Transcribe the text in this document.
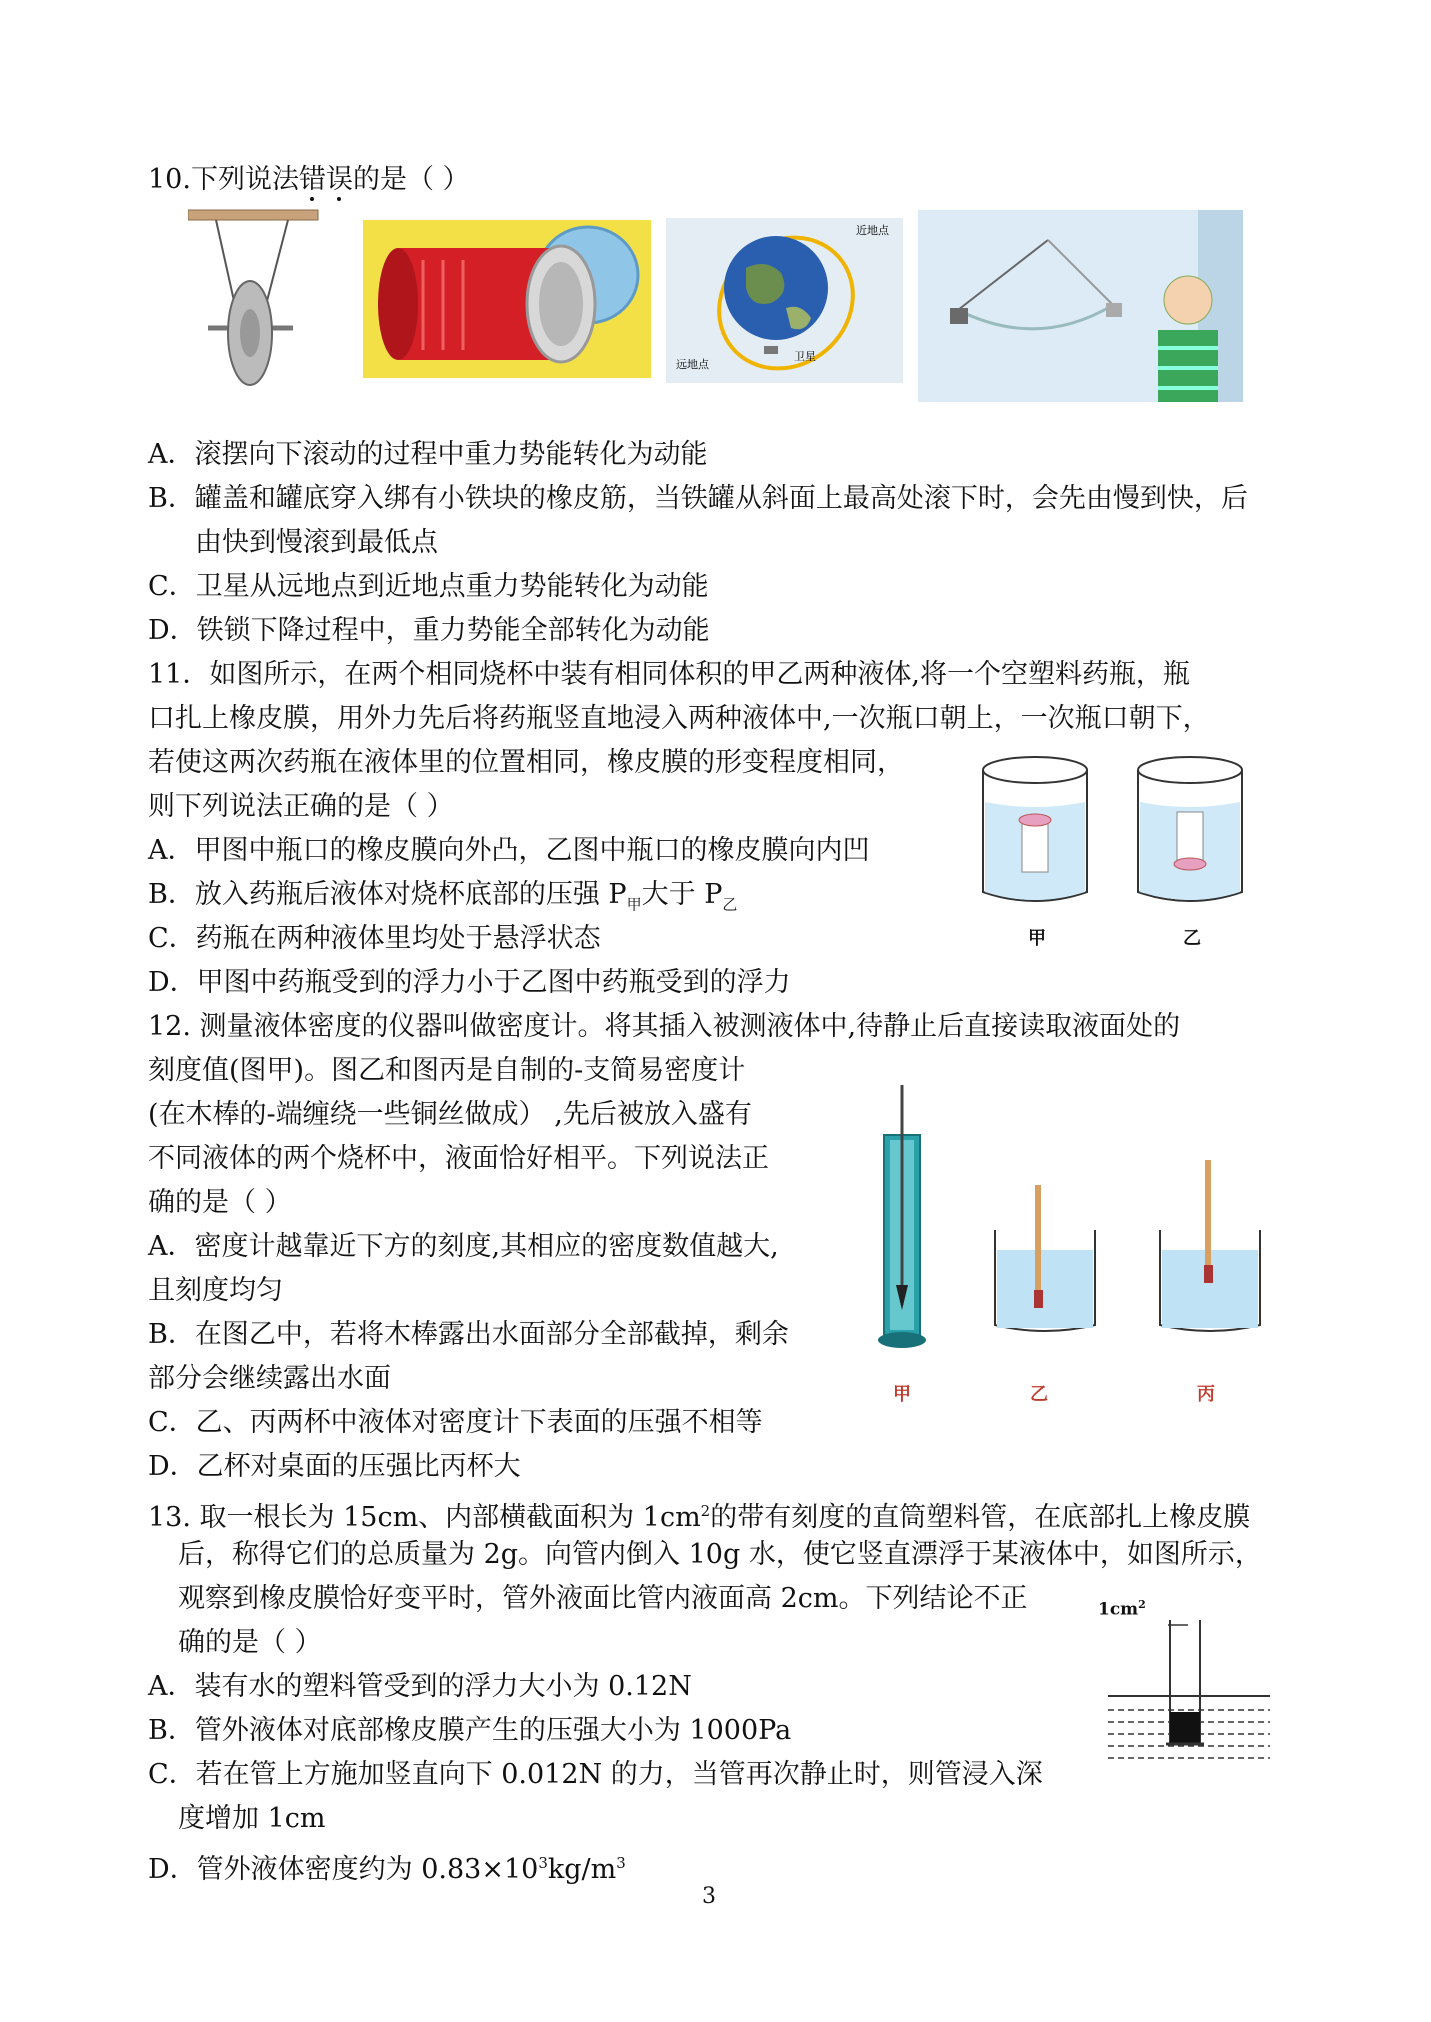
10.下列说法错误的是（ ）
近地点
远地点
卫星
A．滚摆向下滚动的过程中重力势能转化为动能
B．罐盖和罐底穿入绑有小铁块的橡皮筋，当铁罐从斜面上最高处滚下时，会先由慢到快，后
由快到慢滚到最低点
C．卫星从远地点到近地点重力势能转化为动能
D．铁锁下降过程中，重力势能全部转化为动能
11．如图所示，在两个相同烧杯中装有相同体积的甲乙两种液体,将一个空塑料药瓶，瓶
口扎上橡皮膜，用外力先后将药瓶竖直地浸入两种液体中,一次瓶口朝上，一次瓶口朝下，
若使这两次药瓶在液体里的位置相同，橡皮膜的形变程度相同，
则下列说法正确的是（ ）
A．甲图中瓶口的橡皮膜向外凸，乙图中瓶口的橡皮膜向内凹
B．放入药瓶后液体对烧杯底部的压强 $P_甲$大于 $P_乙$
C．药瓶在两种液体里均处于悬浮状态
D．甲图中药瓶受到的浮力小于乙图中药瓶受到的浮力
甲	乙
12. 测量液体密度的仪器叫做密度计。将其插入被测液体中,待静止后直接读取液面处的
刻度值(图甲)。图乙和图丙是自制的-支简易密度计
(在木棒的-端缠绕一些铜丝做成） ,先后被放入盛有
不同液体的两个烧杯中，液面恰好相平。下列说法正
确的是（ ）
A．密度计越靠近下方的刻度,其相应的密度数值越大,
且刻度均匀
B．在图乙中，若将木棒露出水面部分全部截掉，剩余
部分会继续露出水面
C．乙、丙两杯中液体对密度计下表面的压强不相等
D．乙杯对桌面的压强比丙杯大
甲	乙	丙
13. 取一根长为 15cm、内部横截面积为 $1cm^2$的带有刻度的直筒塑料管，在底部扎上橡皮膜
后，称得它们的总质量为 2g。向管内倒入 10g 水，使它竖直漂浮于某液体中，如图所示，
观察到橡皮膜恰好变平时，管外液面比管内液面高 2cm。下列结论不正
确的是（ ）
A．装有水的塑料管受到的浮力大小为 0.12N
B．管外液体对底部橡皮膜产生的压强大小为 1000Pa
C．若在管上方施加竖直向下 0.012N 的力，当管再次静止时，则管浸入深
度增加 1cm
D．管外液体密度约为 $0.83\times 10^3kg/m^3$
$1cm^2$
3
